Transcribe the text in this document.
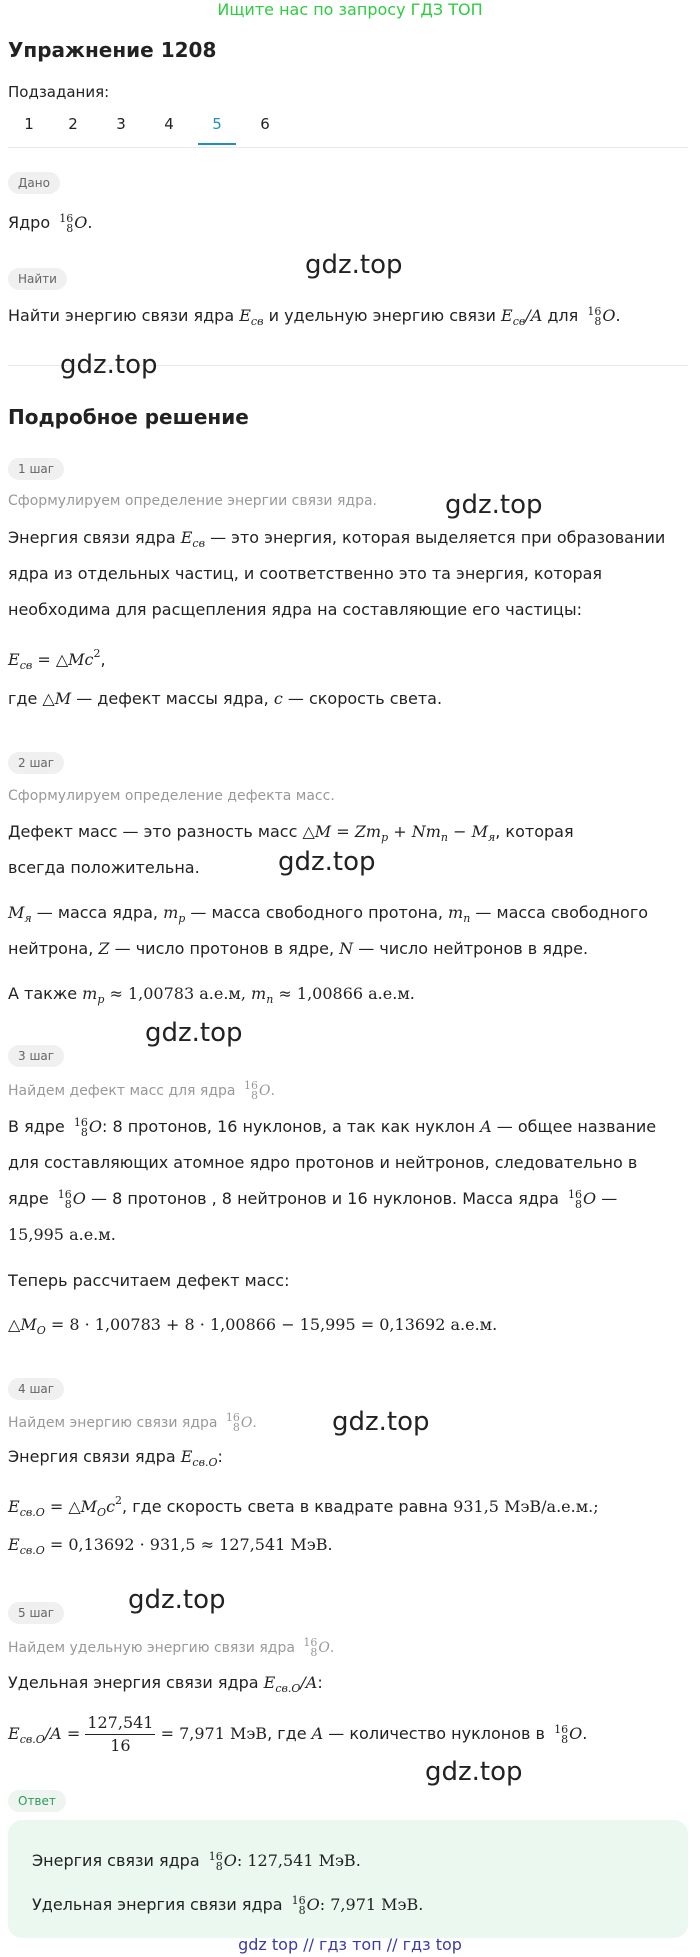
Ищите нас по запросу ГДЗ ТОП
Упражнение 1208
Подзадания:
1	2	3	4	5	6
Дано
Ядро 16
8 O.
Найти	gdz.top
Найти энергию связи ядра $E_{св}$ и удельную энергию связи $E_{св}/A$ для 16
8 O.
gdz.top
Подробное решение
1 шаг
Сформулируем определение энергии связи ядра.	gdz.top
Энергия связи ядра $E_{св}$ — это энергия, которая выделяется при образовании
ядра из отдельных частиц, и соответственно это та энергия, которая
необходима для расщепления ядра на составляющие его частицы:
$E_{св}$ = $\triangle Mc^2$,
где △M — дефект массы ядра, c — скорость света.
2 шаг
Сформулируем определение дефекта масс.
Дефект масс — это разность масс △M = $Zm_p + Nm_n - M_я$, которая
всегда положительна.	gdz.top
$M_я$ — масса ядра, $m_p$ — масса свободного протона, $m_n$ — масса свободного
нейтрона, Z — число протонов в ядре, N — число нейтронов в ядре.
А также $m_p \approx 1,00783$ а.е.м, $m_n \approx 1,00866$ а.е.м.
gdz.top
3 шаг
Найдем дефект масс для ядра 16
8 O.
В ядре 16
8 O: 8 протонов, 16 нуклонов, а так как нуклон A — общее название
для составляющих атомное ядро протонов и нейтронов, следовательно в
ядре 16
8 O — 8 протонов , 8 нейтронов и 16 нуклонов. Масса ядра 16
8 O —
15,995 а.е.м.
Теперь рассчитаем дефект масс:
$\triangle M_O = 8 \cdot 1,00783 + 8 \cdot 1,00866 - 15,995 = 0,13692$ а.е.м.
4 шаг
Найдем энергию связи ядра 16
8 O.	gdz.top
Энергия связи ядра $E_{св.O}$:
$E_{св.O}$ = $\triangle M_Oc^2$, где скорость света в квадрате равна 931,5 МэВ/а.е.м.;
$E_{св.O} = 0,13692 \cdot 931,5 \approx 127,541$ МэВ.
gdz.top
5 шаг
Найдем удельную энергию связи ядра 16
8 O.
Удельная энергия связи ядра $E_{св.O}/A$:
$E_{св.O}/A = \frac{127,541}{16} = 7,971$ МэВ, где A — количество нуклонов в 16
8 O.
gdz.top
Ответ
Энергия связи ядра 16
8 O: 127,541 МэВ.
Удельная энергия связи ядра 16
8 O: 7,971 МэВ.
gdz top // гдз топ // гдз top
